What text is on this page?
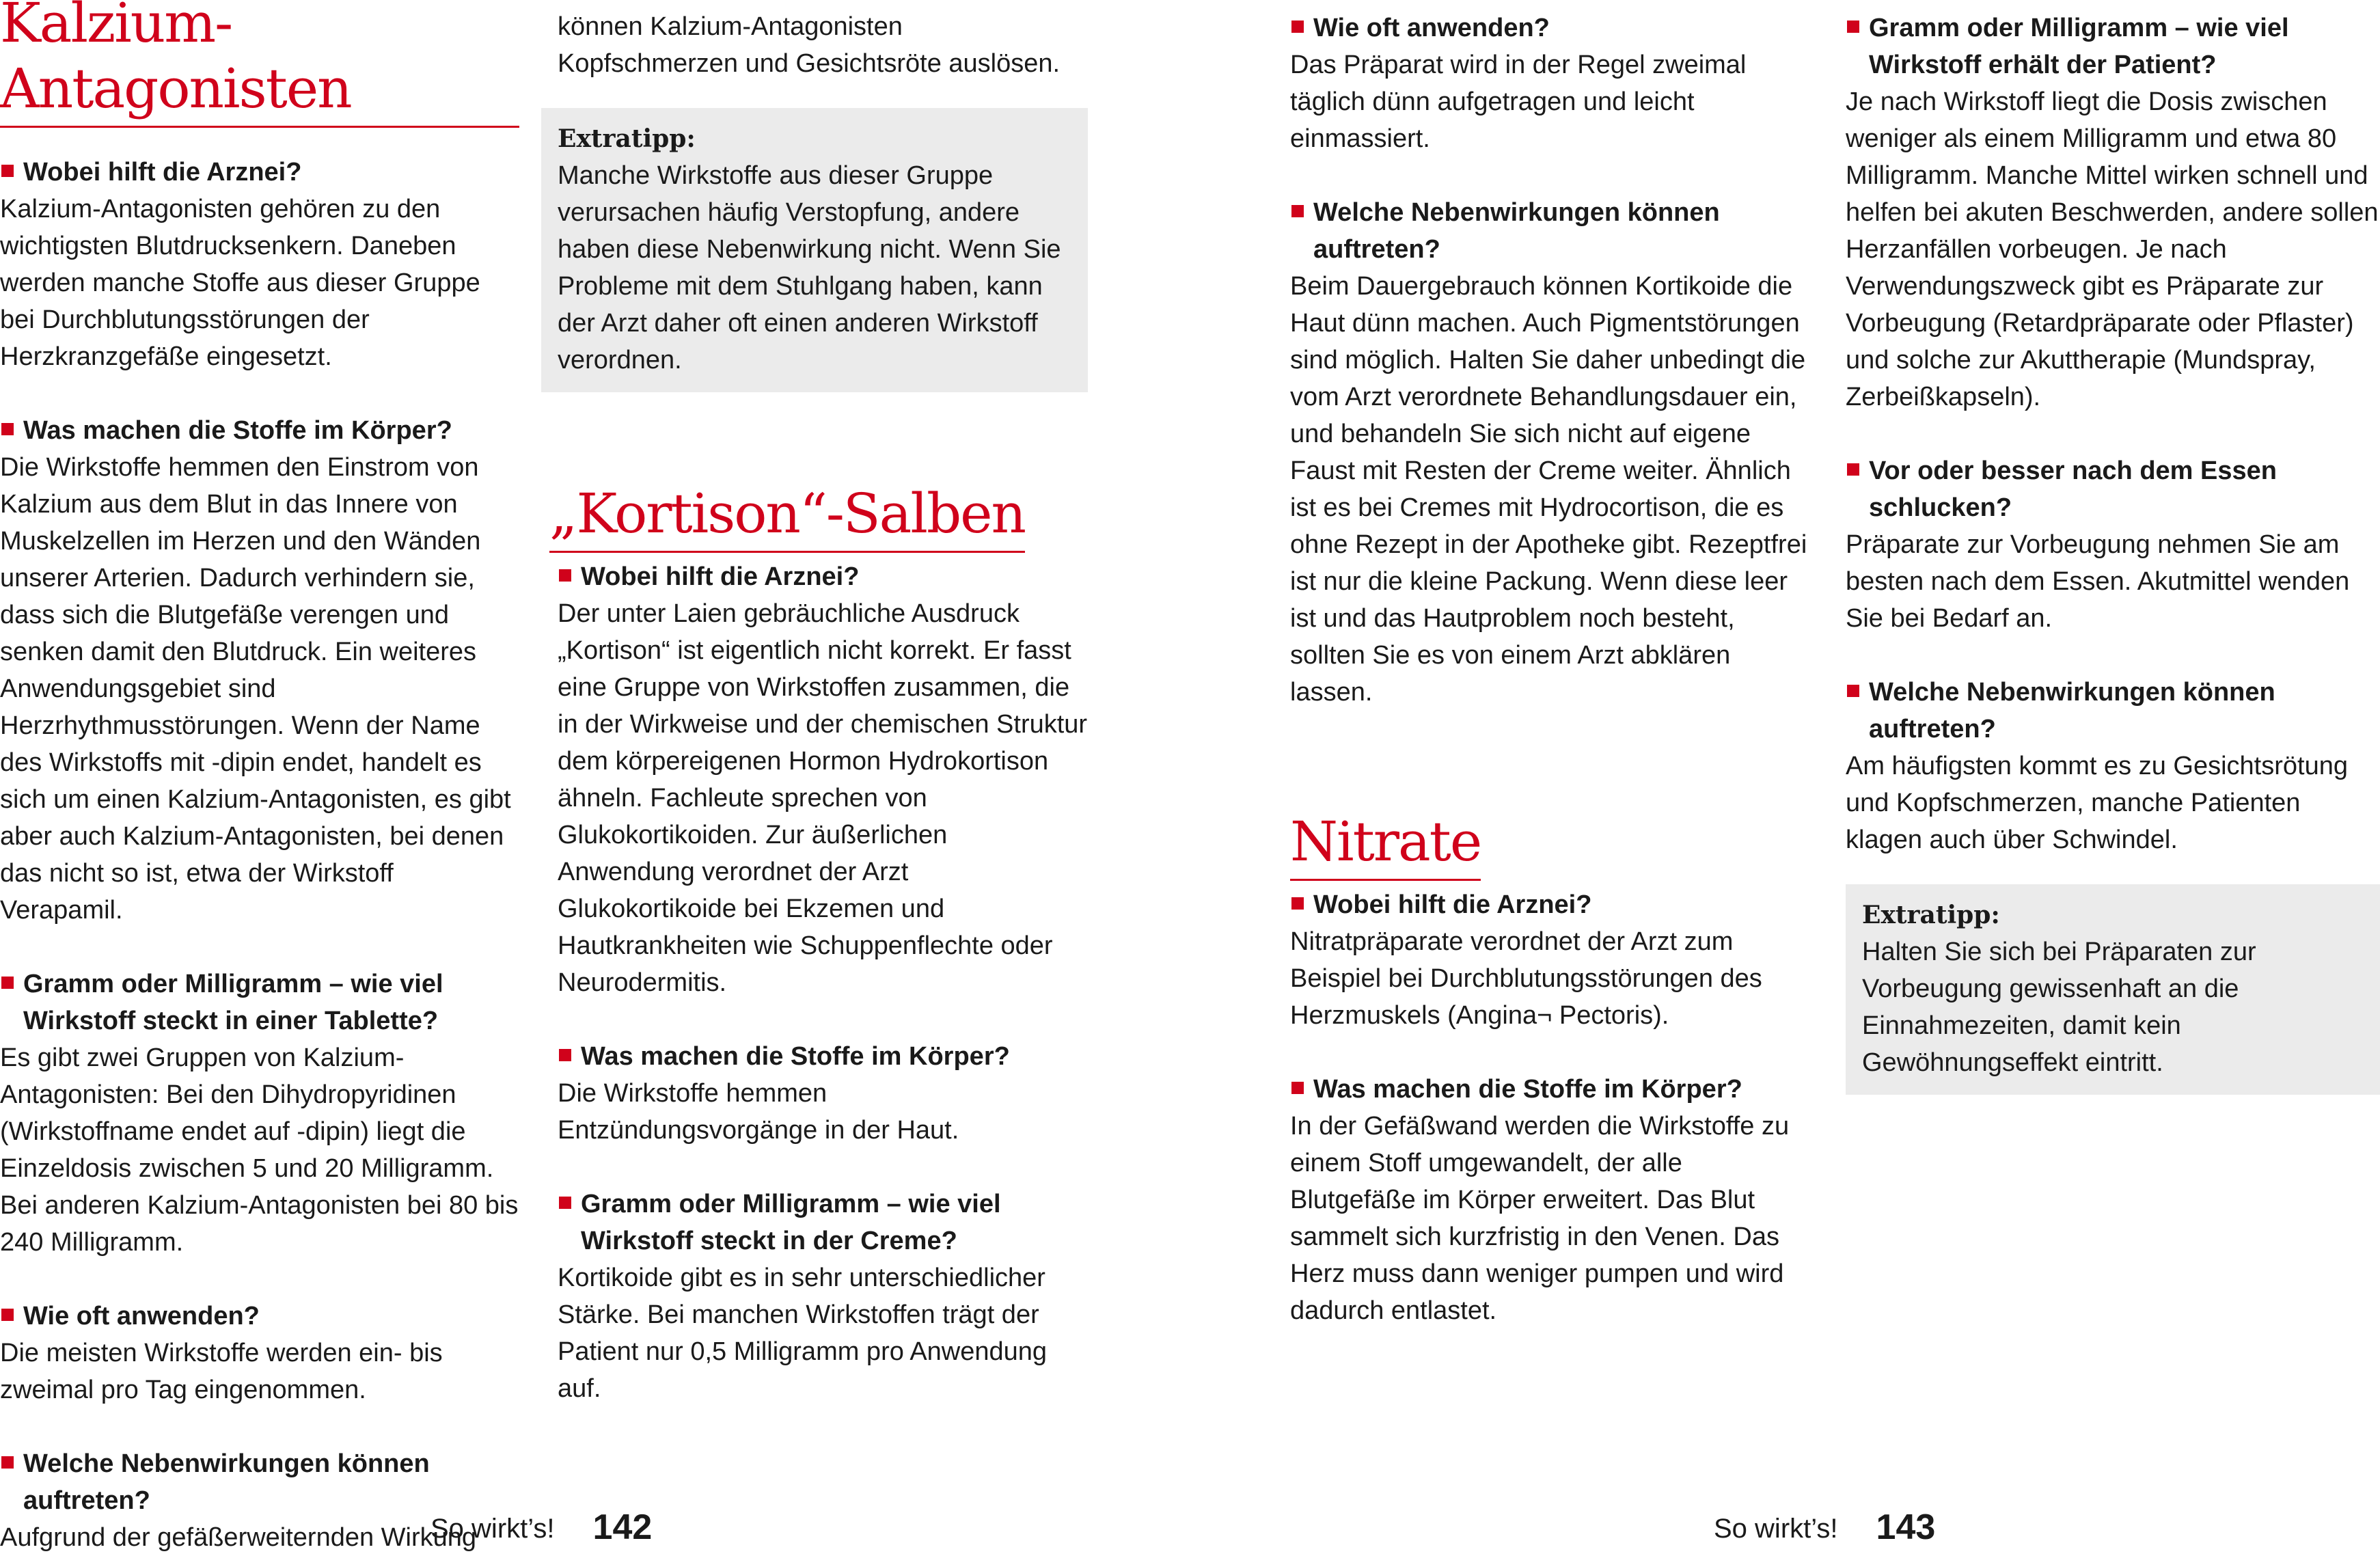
Kalzium-Antagonisten

Wobei hilft die Arznei?

Kalzium-Antagonisten gehören zu den wichtigsten Blutdrucksenkern. Daneben werden manche Stoffe aus dieser Gruppe bei Durchblutungsstörungen der Herzkranzgefäße eingesetzt.

Was machen die Stoffe im Körper?

Die Wirkstoffe hemmen den Einstrom von Kalzium aus dem Blut in das Innere von Muskelzellen im Herzen und den Wänden unserer Arterien. Dadurch verhindern sie, dass sich die Blutgefäße verengen und senken damit den Blutdruck. Ein weiteres Anwendungsgebiet sind Herzrhythmusstörungen. Wenn der Name des Wirkstoffs mit -dipin endet, handelt es sich um einen Kalzium-Antagonisten, es gibt aber auch Kalzium-Antagonisten, bei denen das nicht so ist, etwa der Wirkstoff Verapamil.

Gramm oder Milligramm – wie viel Wirkstoff steckt in einer Tablette?

Es gibt zwei Gruppen von Kalzium-Antagonisten: Bei den Dihydropyridinen (Wirkstoffname endet auf -dipin) liegt die Einzeldosis zwischen 5 und 20 Milligramm. Bei anderen Kalzium-Antagonisten bei 80 bis 240 Milligramm.

Wie oft anwenden?

Die meisten Wirkstoffe werden ein- bis zweimal pro Tag eingenommen.

Welche Nebenwirkungen können auftreten?

Aufgrund der gefäßerweiternden Wirkung

können Kalzium-Antagonisten Kopfschmerzen und Gesichtsröte auslösen.

Extratipp:

Manche Wirkstoffe aus dieser Gruppe verursachen häufig Verstopfung, andere haben diese Nebenwirkung nicht. Wenn Sie Probleme mit dem Stuhlgang haben, kann der Arzt daher oft einen anderen Wirkstoff verordnen.

„Kortison“-Salben

Wobei hilft die Arznei?

Der unter Laien gebräuchliche Ausdruck „Kortison“ ist eigentlich nicht korrekt. Er fasst eine Gruppe von Wirkstoffen zusammen, die in der Wirkweise und der chemischen Struktur dem körpereigenen Hormon Hydrokortison ähneln. Fachleute sprechen von Glukokortikoiden. Zur äußerlichen Anwendung verordnet der Arzt Glukokortikoide bei Ekzemen und Hautkrankheiten wie Schuppenflechte oder Neurodermitis.

Was machen die Stoffe im Körper?

Die Wirkstoffe hemmen Entzündungsvorgänge in der Haut.

Gramm oder Milligramm – wie viel Wirkstoff steckt in der Creme?

Kortikoide gibt es in sehr unterschiedlicher Stärke. Bei manchen Wirkstoffen trägt der Patient nur 0,5 Milligramm pro Anwendung auf.

Wie oft anwenden?

Das Präparat wird in der Regel zweimal täglich dünn aufgetragen und leicht einmassiert.

Welche Nebenwirkungen können auftreten?

Beim Dauergebrauch können Kortikoide die Haut dünn machen. Auch Pigmentstörungen sind möglich. Halten Sie daher unbedingt die vom Arzt verordnete Behandlungsdauer ein, und behandeln Sie sich nicht auf eigene Faust mit Resten der Creme weiter. Ähnlich ist es bei Cremes mit Hydrocortison, die es ohne Rezept in der Apotheke gibt. Rezeptfrei ist nur die kleine Packung. Wenn diese leer ist und das Hautproblem noch besteht, sollten Sie es von einem Arzt abklären lassen.

Nitrate

Wobei hilft die Arznei?

Nitratpräparate verordnet der Arzt zum Beispiel bei Durchblutungsstörungen des Herzmuskels (Angina¬ Pectoris).

Was machen die Stoffe im Körper?

In der Gefäßwand werden die Wirkstoffe zu einem Stoff umgewandelt, der alle Blutgefäße im Körper erweitert. Das Blut sammelt sich kurzfristig in den Venen. Das Herz muss dann weniger pumpen und wird dadurch entlastet.

Gramm oder Milligramm – wie viel Wirkstoff erhält der Patient?

Je nach Wirkstoff liegt die Dosis zwischen weniger als einem Milligramm und etwa 80 Milligramm. Manche Mittel wirken schnell und helfen bei akuten Beschwerden, andere sollen Herzanfällen vorbeugen. Je nach Verwendungszweck gibt es Präparate zur Vorbeugung (Retardpräparate oder Pflaster) und solche zur Akuttherapie (Mundspray, Zerbeißkapseln).

Vor oder besser nach dem Essen schlucken?

Präparate zur Vorbeugung nehmen Sie am besten nach dem Essen. Akutmittel wenden Sie bei Bedarf an.

Welche Nebenwirkungen können auftreten?

Am häufigsten kommt es zu Gesichtsrötung und Kopfschmerzen, manche Patienten klagen auch über Schwindel.

Extratipp:

Halten Sie sich bei Präparaten zur Vorbeugung gewissenhaft an die Einnahmezeiten, damit kein Gewöhnungseffekt eintritt.

So wirkt’s! 142	So wirkt’s! 143
